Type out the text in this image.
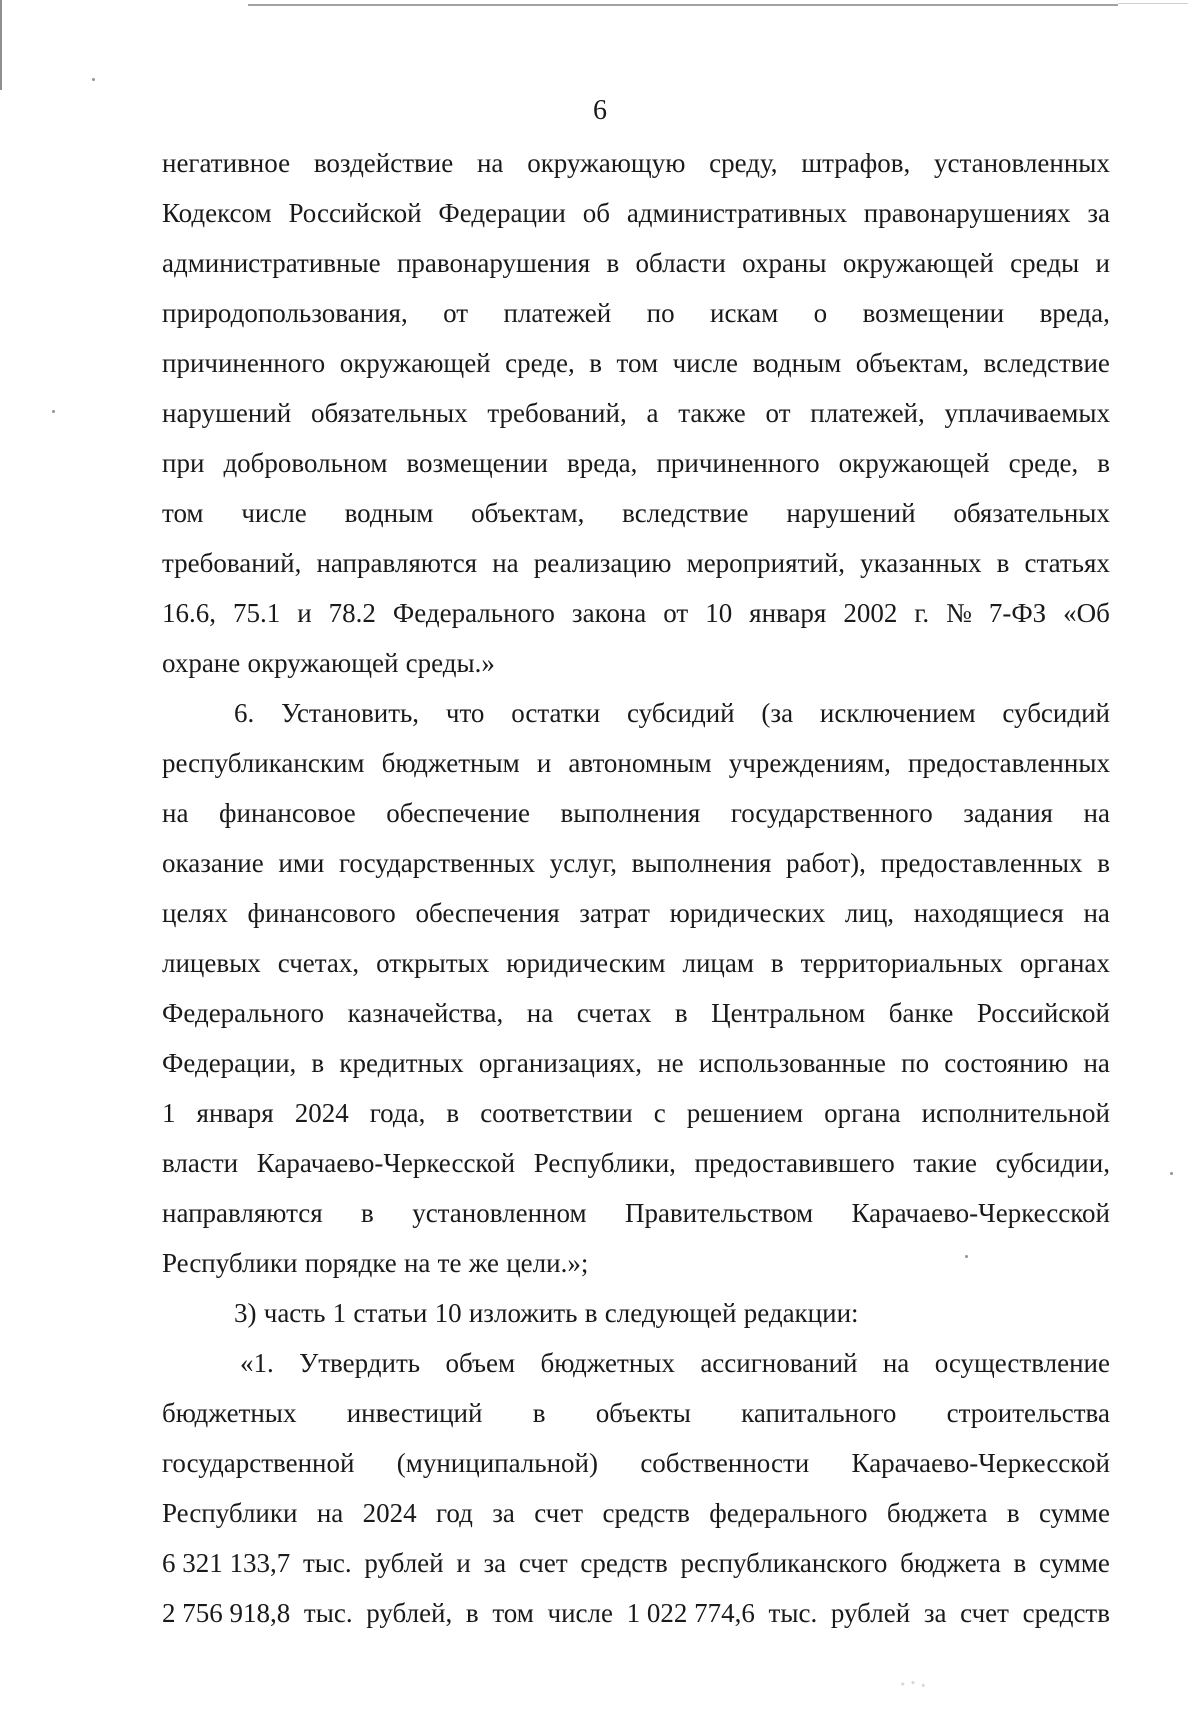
6
негативное воздействие на окружающую среду, штрафов, установленных
Кодексом Российской Федерации об административных правонарушениях за
административные правонарушения в области охраны окружающей среды и
природопользования, от платежей по искам о возмещении вреда,
причиненного окружающей среде, в том числе водным объектам, вследствие
нарушений обязательных требований, а также от платежей, уплачиваемых
при добровольном возмещении вреда, причиненного окружающей среде, в
том числе водным объектам, вследствие нарушений обязательных
требований, направляются на реализацию мероприятий, указанных в статьях
16.6, 75.1 и 78.2 Федерального закона от 10 января 2002 г. № 7-ФЗ «Об
охране окружающей среды.»
6. Установить, что остатки субсидий (за исключением субсидий
республиканским бюджетным и автономным учреждениям, предоставленных
на финансовое обеспечение выполнения государственного задания на
оказание ими государственных услуг, выполнения работ), предоставленных в
целях финансового обеспечения затрат юридических лиц, находящиеся на
лицевых счетах, открытых юридическим лицам в территориальных органах
Федерального казначейства, на счетах в Центральном банке Российской
Федерации, в кредитных организациях, не использованные по состоянию на
1 января 2024 года, в соответствии с решением органа исполнительной
власти Карачаево-Черкесской Республики, предоставившего такие субсидии,
направляются в установленном Правительством Карачаево-Черкесской
Республики порядке на те же цели.»;
3) часть 1 статьи 10 изложить в следующей редакции:
«1. Утвердить объем бюджетных ассигнований на осуществление
бюджетных инвестиций в объекты капитального строительства
государственной (муниципальной) собственности Карачаево-Черкесской
Республики на 2024 год за счет средств федерального бюджета в сумме
6 321 133,7 тыс. рублей и за счет средств республиканского бюджета в сумме
2 756 918,8 тыс. рублей, в том числе 1 022 774,6 тыс. рублей за счет средств
